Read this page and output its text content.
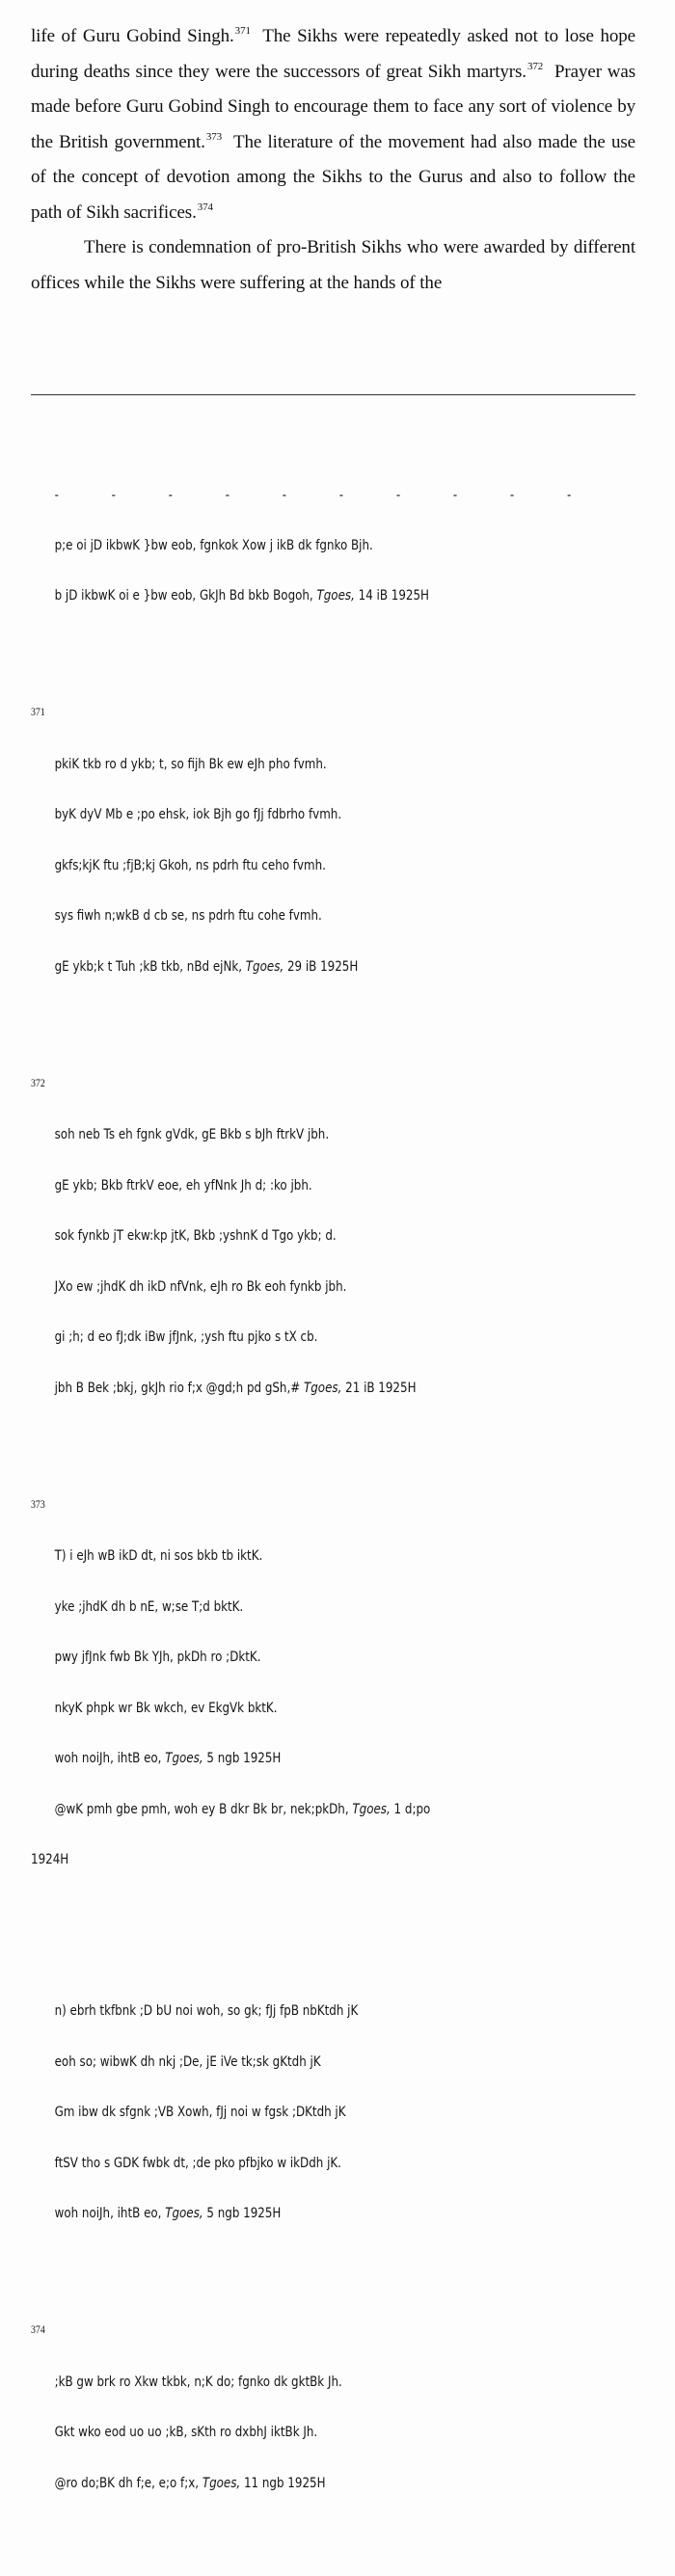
life of Guru Gobind Singh.$^{371}$ The Sikhs were repeatedly asked not to lose hope during deaths since they were the successors of great Sikh martyrs.$^{372}$ Prayer was made before Guru Gobind Singh to encourage them to face any sort of violence by the British government.$^{373}$ The literature of the movement had also made the use of the concept of devotion among the Sikhs to the Gurus and also to follow the path of Sikh sacrifices.$^{374}$

There is condemnation of pro-British Sikhs who were awarded by different offices while the Sikhs were suffering at the hands of the

-	-	-	-	-	-	-	-	-	-

p;e oi jD ikbwK }bw eob, fgnkok Xow j ikB dk fgnko Bjh.

b jD ikbwK oi e }bw eob, GkJh Bd bkb Bogoh, Tgoes, 14 iB 1925H

371

pkiK tkb ro d ykb; t, so fijh Bk ew eJh pho fvmh.

byK dyV Mb e ;po ehsk, iok Bjh go fJj fdbrho fvmh.

gkfs;kjK ftu ;fjB;kj Gkoh, ns pdrh ftu ceho fvmh.

sys fiwh n;wkB d cb se, ns pdrh ftu cohe fvmh.

gE ykb;k t Tuh ;kB tkb, nBd ejNk, Tgoes, 29 iB 1925H

372

soh neb Ts eh fgnk gVdk, gE Bkb s bJh ftrkV jbh.

gE ykb; Bkb ftrkV eoe, eh yfNnk Jh d; :ko jbh.

sok fynkb jT ekw:kp jtK, Bkb ;yshnK d Tgo ykb; d.

JXo ew ;jhdK dh ikD nfVnk, eJh ro Bk eoh fynkb jbh.

gi ;h; d eo fJ;dk iBw jfJnk, ;ysh ftu pjko s tX cb.

jbh B Bek ;bkj, gkJh rio f;x @gd;h pd gSh,# Tgoes, 21 iB 1925H

373

T) i eJh wB ikD dt, ni sos bkb tb iktK.

yke ;jhdK dh b nE, w;se T;d bktK.

pwy jfJnk fwb Bk YJh, pkDh ro ;DktK.

nkyK phpk wr Bk wkch, ev EkgVk bktK.

woh noiJh, ihtB eo, Tgoes, 5 ngb 1925H

@wK pmh gbe pmh, woh ey B dkr Bk br, nek;pkDh, Tgoes, 1 d;po

1924H

n) ebrh tkfbnk ;D bU noi woh, so gk; fJj fpB nbKtdh jK

eoh so; wibwK dh nkj ;De, jE iVe tk;sk gKtdh jK

Gm ibw dk sfgnk ;VB Xowh, fJj noi w fgsk ;DKtdh jK

ftSV tho s GDK fwbk dt, ;de pko pfbjko w ikDdh jK.

woh noiJh, ihtB eo, Tgoes, 5 ngb 1925H

374

;kB gw brk ro Xkw tkbk, n;K do; fgnko dk gktBk Jh.

Gkt wko eod uo uo ;kB, sKth ro dxbhJ iktBk Jh.

@ro do;BK dh f;e, e;o f;x, Tgoes, 11 ngb 1925H
